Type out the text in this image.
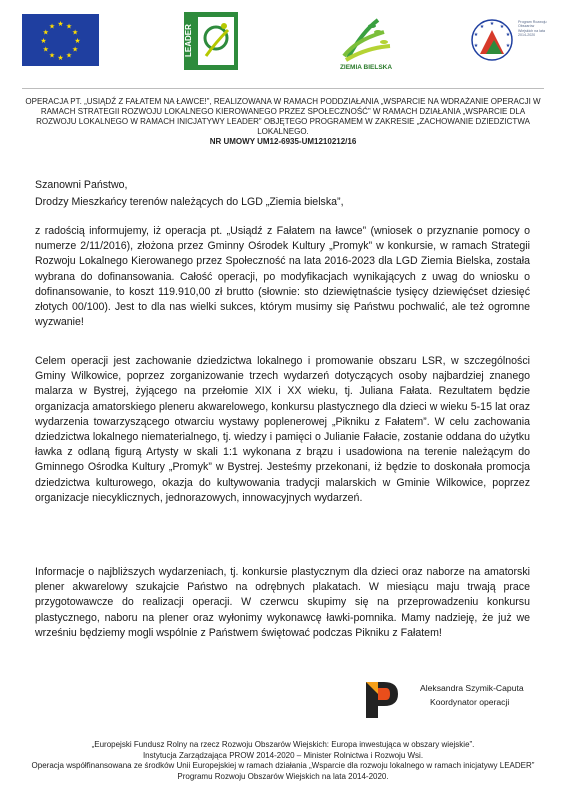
★ ★
★
★
★
★
★
★
★
★
★
★	LEADER
ZIEMIA BIELSKA
★ ★
★
★
★
★
★
Program Rozwoju Obszarów Wiejskich na lata 2014-2020
OPERACJA PT. „USIĄDŹ Z FAŁATEM NA ŁAWCE!”, REALIZOWANA W RAMACH PODDZIAŁANIA „WSPARCIE NA WDRAŻANIE OPERACJI W RAMACH STRATEGII ROZWOJU LOKALNEGO KIEROWANEGO PRZEZ SPOŁECZNOŚĆ” W RAMACH DZIAŁANIA „WSPARCIE DLA ROZWOJU LOKALNEGO W RAMACH INICJATYWY LEADER” OBJĘTEGO PROGRAMEM W ZAKRESIE „ZACHOWANIE DZIEDZICTWA LOKALNEGO.
NR UMOWY UM12-6935-UM1210212/16
Szanowni Państwo,
Drodzy Mieszkańcy terenów należących do LGD „Ziemia bielska”,
z radością informujemy, iż operacja pt. „Usiądź z Fałatem na ławce” (wniosek o przyznanie pomocy o numerze 2/11/2016), złożona przez Gminny Ośrodek Kultury „Promyk” w konkursie, w ramach Strategii Rozwoju Lokalnego Kierowanego przez Społeczność na lata 2016-2023 dla LGD Ziemia Bielska, została wybrana do dofinansowania. Całość operacji, po modyfikacjach wynikających z uwag do wniosku o dofinansowanie, to koszt 119.910,00 zł brutto (słownie: sto dziewiętnaście tysięcy dziewięćset dziesięć złotych 00/100). Jest to dla nas wielki sukces, którym musimy się Państwu pochwalić, ale też ogromne wyzwanie!
Celem operacji jest zachowanie dziedzictwa lokalnego i promowanie obszaru LSR, w szczególności Gminy Wilkowice, poprzez zorganizowanie trzech wydarzeń dotyczących osoby najbardziej znanego malarza w Bystrej, żyjącego na przełomie XIX i XX wieku, tj. Juliana Fałata. Rezultatem będzie organizacja amatorskiego pleneru akwarelowego, konkursu plastycznego dla dzieci w wieku 5-15 lat oraz wydarzenia towarzyszącego otwarciu wystawy poplenerowej „Pikniku z Fałatem”. W celu zachowania dziedzictwa lokalnego niematerialnego, tj. wiedzy i pamięci o Julianie Fałacie, zostanie oddana do użytku ławka z odlaną figurą Artysty w skali 1:1 wykonana z brązu i usadowiona na terenie należącym do Gminnego Ośrodka Kultury „Promyk” w Bystrej. Jesteśmy przekonani, iż będzie to doskonała promocja dziedzictwa kulturowego, okazja do kultywowania tradycji malarskich w Gminie Wilkowice, poprzez organizacje niecyklicznych, jednorazowych, innowacyjnych wydarzeń.
Informacje o najbliższych wydarzeniach, tj. konkursie plastycznym dla dzieci oraz naborze na amatorski plener akwarelowy szukajcie Państwo na odrębnych plakatach. W miesiącu maju trwają prace przygotowawcze do realizacji operacji. W czerwcu skupimy się na przeprowadzeniu konkursu plastycznego, naboru na plener oraz wyłonimy wykonawcę ławki-pomnika. Mamy nadzieję, że już we wrześniu będziemy mogli wspólnie z Państwem świętować podczas Pikniku z Fałatem!
Aleksandra Szymik-Caputa
Koordynator operacji
„Europejski Fundusz Rolny na rzecz Rozwoju Obszarów Wiejskich: Europa inwestująca w obszary wiejskie”.
Instytucja Zarządzająca PROW 2014-2020 – Minister Rolnictwa i Rozwoju Wsi.
Operacja współfinansowana ze środków Unii Europejskiej w ramach działania „Wsparcie dla rozwoju lokalnego w ramach inicjatywy LEADER” Programu Rozwoju Obszarów Wiejskich na lata 2014-2020.
